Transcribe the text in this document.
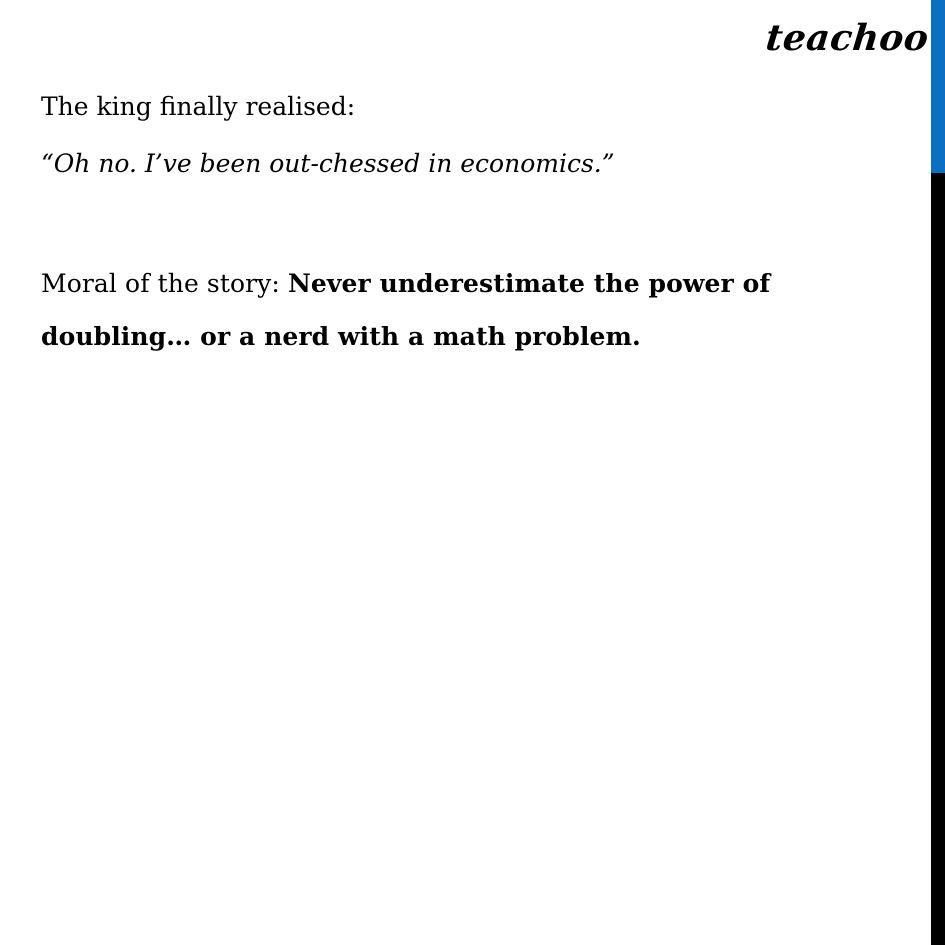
teachoo

The king finally realised:

“Oh no. I’ve been out-chessed in economics.”

Moral of the story: Never underestimate the power of doubling… or a nerd with a math problem.
